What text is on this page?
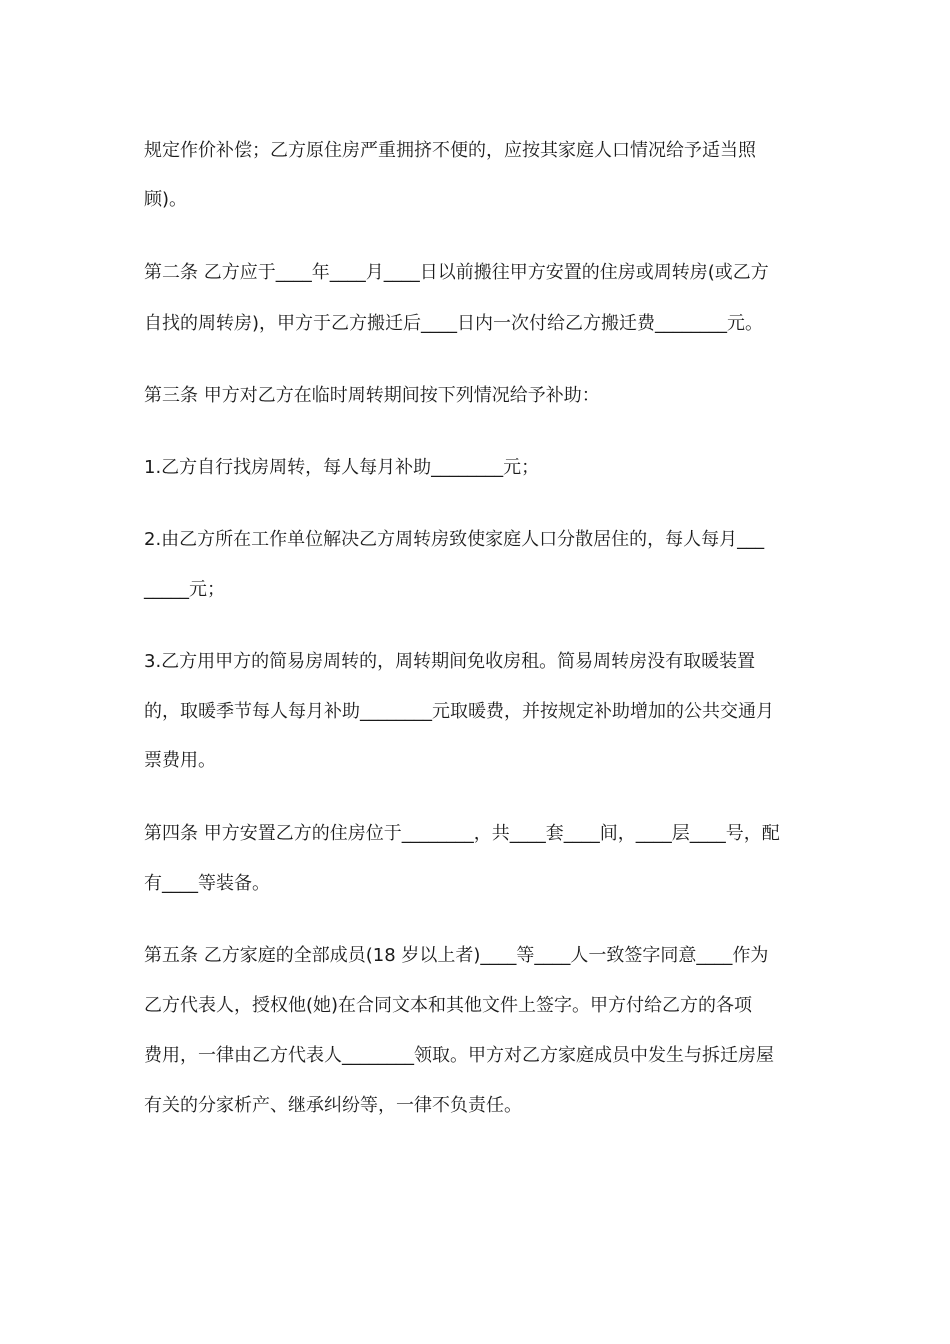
规定作价补偿；乙方原住房严重拥挤不便的，应按其家庭人口情况给予适当照
顾)。
第二条 乙方应于____年____月____日以前搬往甲方安置的住房或周转房(或乙方
自找的周转房)，甲方于乙方搬迁后____日内一次付给乙方搬迁费________元。
第三条 甲方对乙方在临时周转期间按下列情况给予补助：
1.乙方自行找房周转，每人每月补助________元；
2.由乙方所在工作单位解决乙方周转房致使家庭人口分散居住的，每人每月___
_____元；
3.乙方用甲方的简易房周转的，周转期间免收房租。简易周转房没有取暖装置
的，取暖季节每人每月补助________元取暖费，并按规定补助增加的公共交通月
票费用。
第四条 甲方安置乙方的住房位于________，共____套____间，____层____号，配
有____等装备。
第五条 乙方家庭的全部成员(18 岁以上者)____等____人一致签字同意____作为
乙方代表人，授权他(她)在合同文本和其他文件上签字。甲方付给乙方的各项
费用，一律由乙方代表人________领取。甲方对乙方家庭成员中发生与拆迁房屋
有关的分家析产、继承纠纷等，一律不负责任。
